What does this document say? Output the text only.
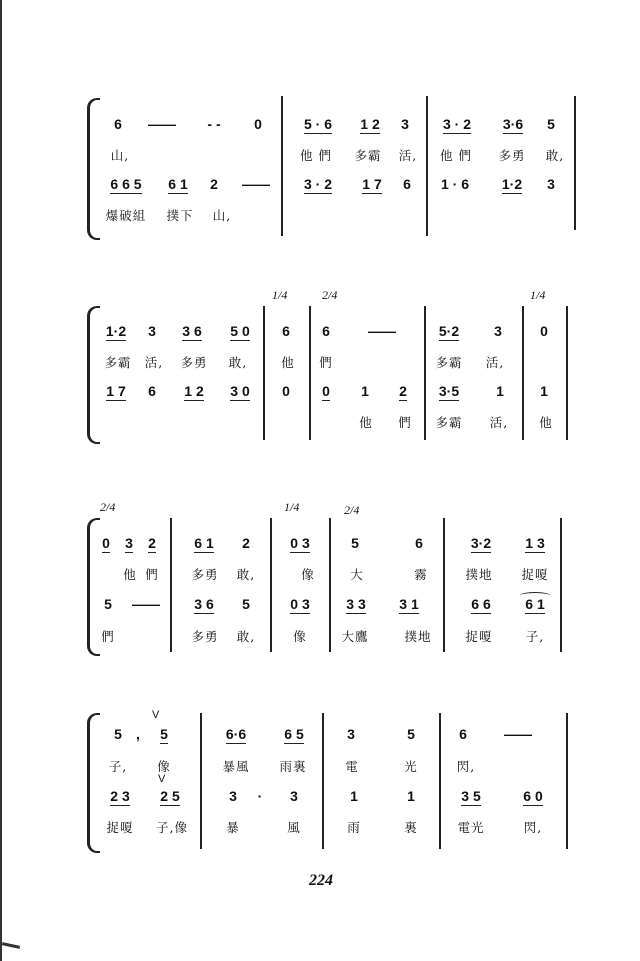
6	——	- -	0	5 · 6	1 2	3	3 · 2	3·6	5
山,	他 們	多霸	活,	他 們	多勇	敢,
6 6 5	6 1	2	——	3 · 2	1 7	6	1 · 6	1·2	3
爆破組	撲下	山,
1/4	2/4	1/4
1·2	3	3 6	5 0	6	6	——	5·2	3	0
多霸	活,	多勇	敢,	他	們	多霸	活,
1 7	6	1 2	3 0	0	0	1	2	3·5	1	1
他	們	多霸	活,	他
2/4	1/4	2/4
0	3	2	6 1	2	0 3	5	6	3·2	1 3
他 們	多勇	敢,	像	大	霧	撲地	捉嗄
5	——	3 6	5	0 3	3 3	3 1	6 6	6 1
們	多勇	敢,	像	大鷹	撲地	捉嗄	子,
V
V
5	,	5	6·6	6 5	3	5	6	——
子,	像	暴風	雨裏	電	光	閃,
2 3	2 5	3	·	3	1	1	3 5	6 0
捉嗄	子,像	暴	風	雨	裏	電光	閃,
224
